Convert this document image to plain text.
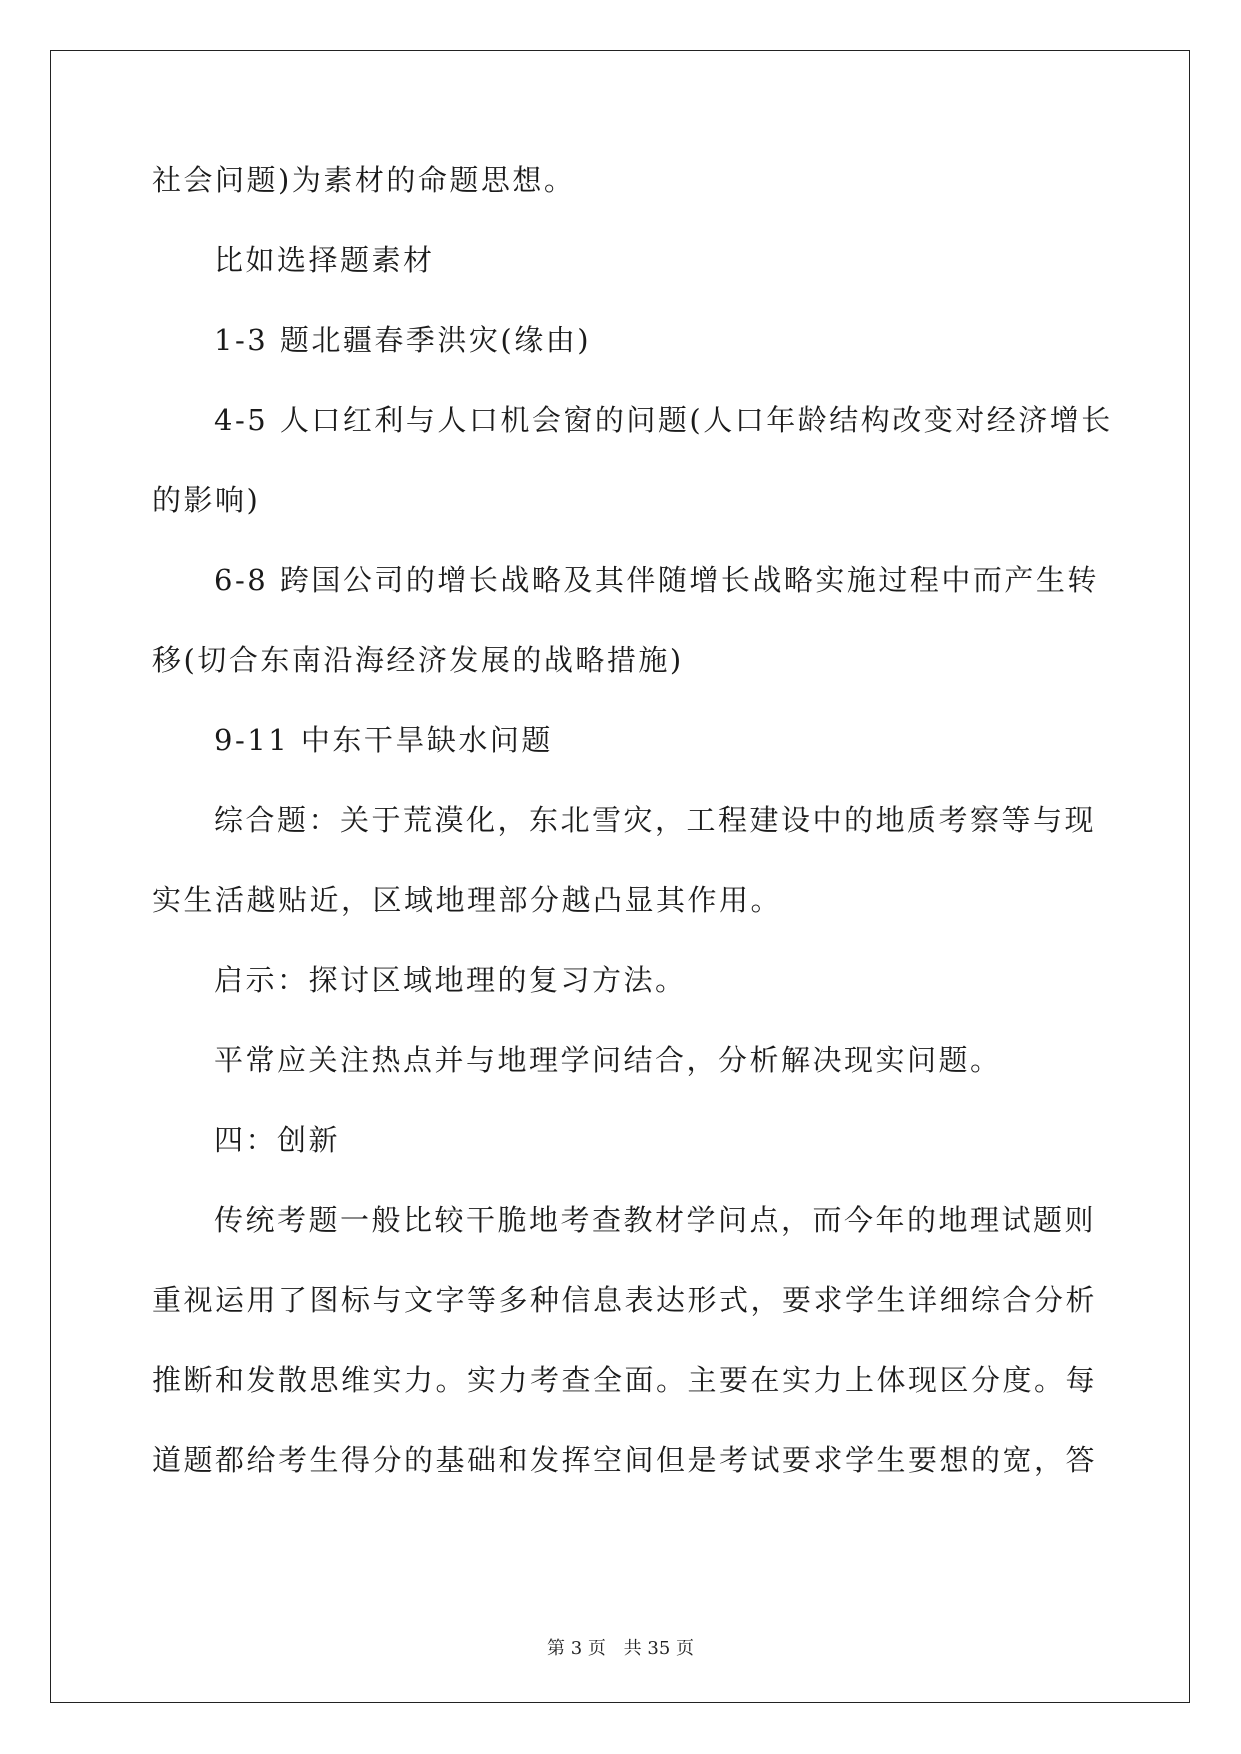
社会问题)为素材的命题思想。
比如选择题素材
1-3 题北疆春季洪灾(缘由)
4-5 人口红利与人口机会窗的问题(人口年龄结构改变对经济增长
的影响)
6-8 跨国公司的增长战略及其伴随增长战略实施过程中而产生转
移(切合东南沿海经济发展的战略措施)
9-11 中东干旱缺水问题
综合题：关于荒漠化，东北雪灾，工程建设中的地质考察等与现
实生活越贴近，区域地理部分越凸显其作用。
启示：探讨区域地理的复习方法。
平常应关注热点并与地理学问结合，分析解决现实问题。
四：创新
传统考题一般比较干脆地考查教材学问点，而今年的地理试题则
重视运用了图标与文字等多种信息表达形式，要求学生详细综合分析
推断和发散思维实力。实力考查全面。主要在实力上体现区分度。每
道题都给考生得分的基础和发挥空间但是考试要求学生要想的宽，答
第 3 页 共 35 页
